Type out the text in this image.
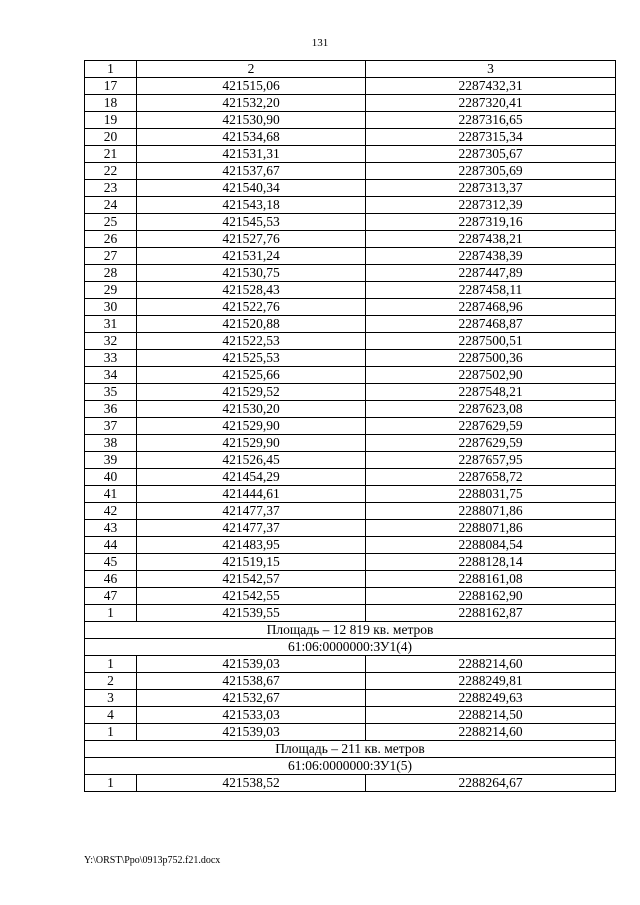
131
1	2	3
17	421515,06	2287432,31
18	421532,20	2287320,41
19	421530,90	2287316,65
20	421534,68	2287315,34
21	421531,31	2287305,67
22	421537,67	2287305,69
23	421540,34	2287313,37
24	421543,18	2287312,39
25	421545,53	2287319,16
26	421527,76	2287438,21
27	421531,24	2287438,39
28	421530,75	2287447,89
29	421528,43	2287458,11
30	421522,76	2287468,96
31	421520,88	2287468,87
32	421522,53	2287500,51
33	421525,53	2287500,36
34	421525,66	2287502,90
35	421529,52	2287548,21
36	421530,20	2287623,08
37	421529,90	2287629,59
38	421529,90	2287629,59
39	421526,45	2287657,95
40	421454,29	2287658,72
41	421444,61	2288031,75
42	421477,37	2288071,86
43	421477,37	2288071,86
44	421483,95	2288084,54
45	421519,15	2288128,14
46	421542,57	2288161,08
47	421542,55	2288162,90
1	421539,55	2288162,87
Площадь – 12 819 кв. метров		
61:06:0000000:ЗУ1(4)		
1	421539,03	2288214,60
2	421538,67	2288249,81
3	421532,67	2288249,63
4	421533,03	2288214,50
1	421539,03	2288214,60
Площадь – 211 кв. метров		
61:06:0000000:ЗУ1(5)		
1	421538,52	2288264,67
Y:\ORST\Ppo\0913p752.f21.docx
